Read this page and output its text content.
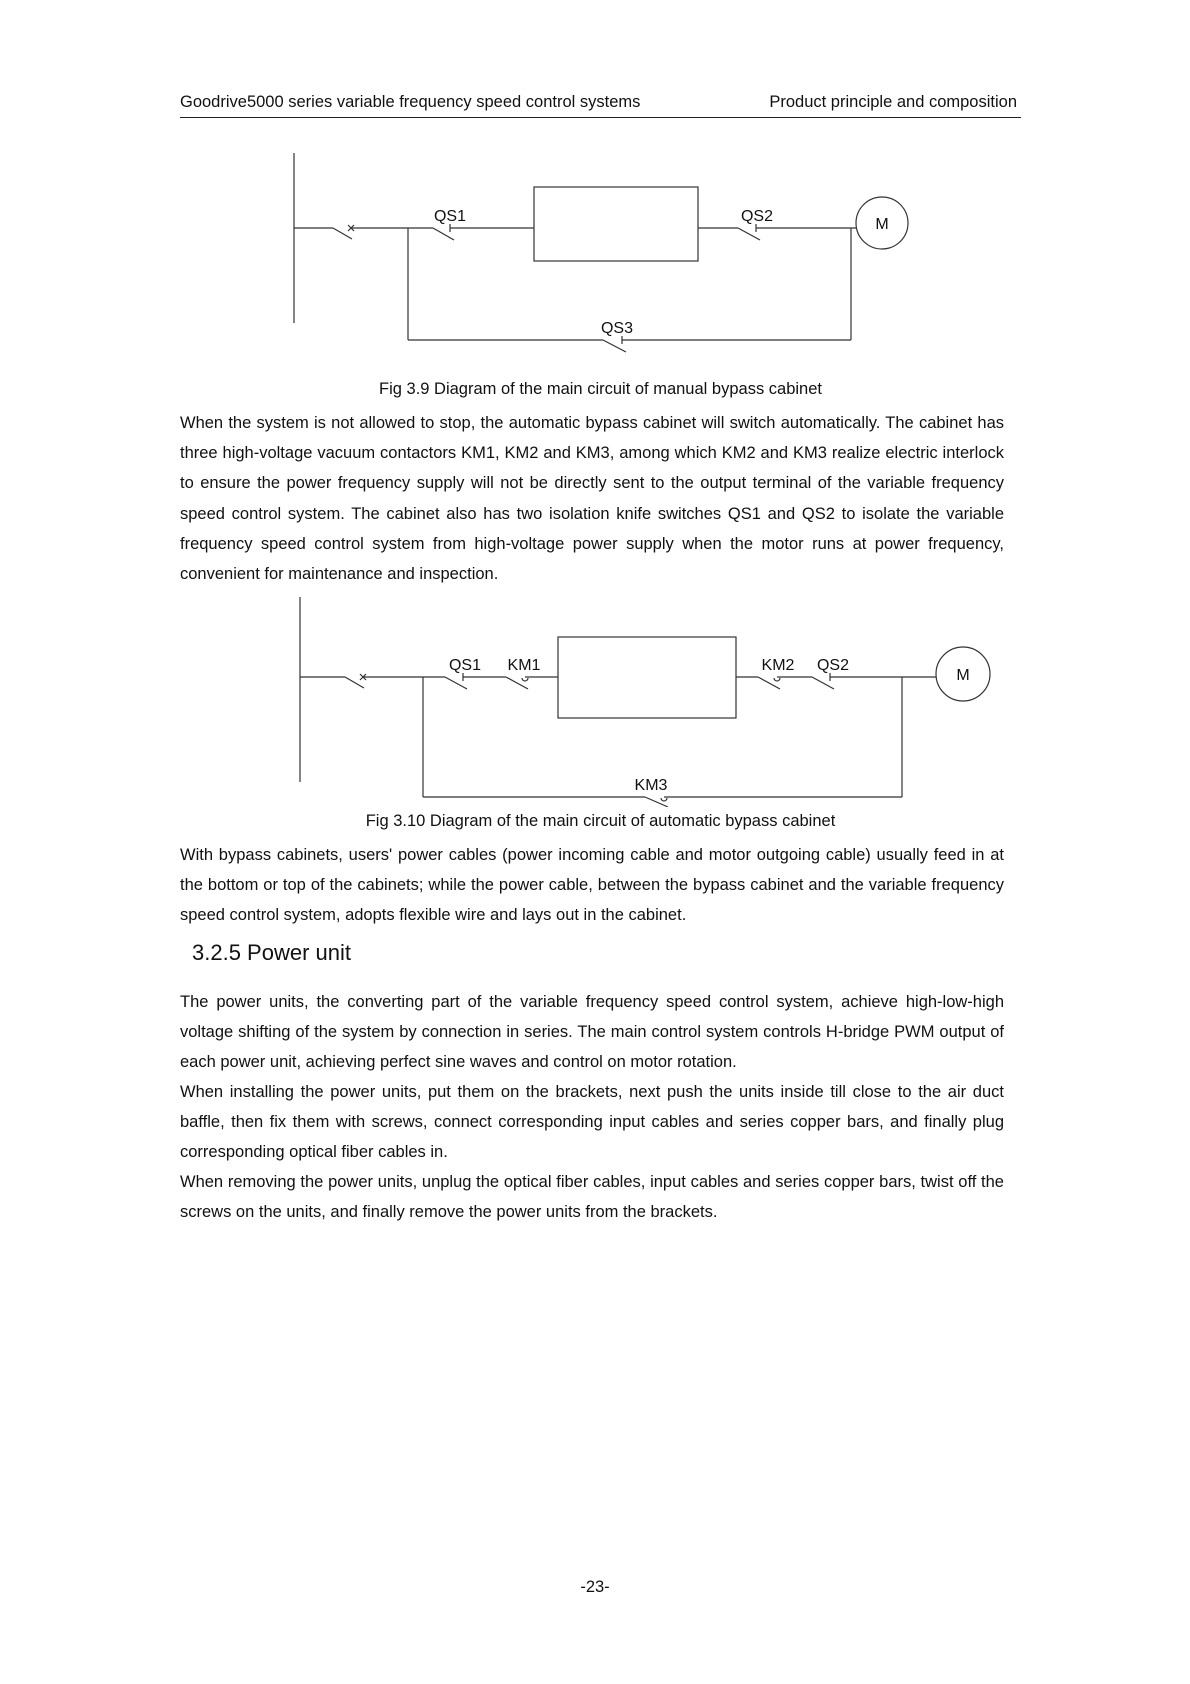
Goodrive5000 series variable frequency speed control systems	Product principle and composition
QS1	QS2
QS3
M
Fig 3.9 Diagram of the main circuit of manual bypass cabinet

When the system is not allowed to stop, the automatic bypass cabinet will switch automatically. The cabinet has three high-voltage vacuum contactors KM1, KM2 and KM3, among which KM2 and KM3 realize electric interlock to ensure the power frequency supply will not be directly sent to the output terminal of the variable frequency speed control system. The cabinet also has two isolation knife switches QS1 and QS2 to isolate the variable frequency speed control system from high-voltage power supply when the motor runs at power frequency, convenient for maintenance and inspection.

QS1 KM1	KM2 QS2
KM3
M
Fig 3.10 Diagram of the main circuit of automatic bypass cabinet

With bypass cabinets, users' power cables (power incoming cable and motor outgoing cable) usually feed in at the bottom or top of the cabinets; while the power cable, between the bypass cabinet and the variable frequency speed control system, adopts flexible wire and lays out in the cabinet.

3.2.5 Power unit

The power units, the converting part of the variable frequency speed control system, achieve high-low-high voltage shifting of the system by connection in series. The main control system controls H-bridge PWM output of each power unit, achieving perfect sine waves and control on motor rotation.

When installing the power units, put them on the brackets, next push the units inside till close to the air duct baffle, then fix them with screws, connect corresponding input cables and series copper bars, and finally plug corresponding optical fiber cables in.

When removing the power units, unplug the optical fiber cables, input cables and series copper bars, twist off the screws on the units, and finally remove the power units from the brackets.

-23-
